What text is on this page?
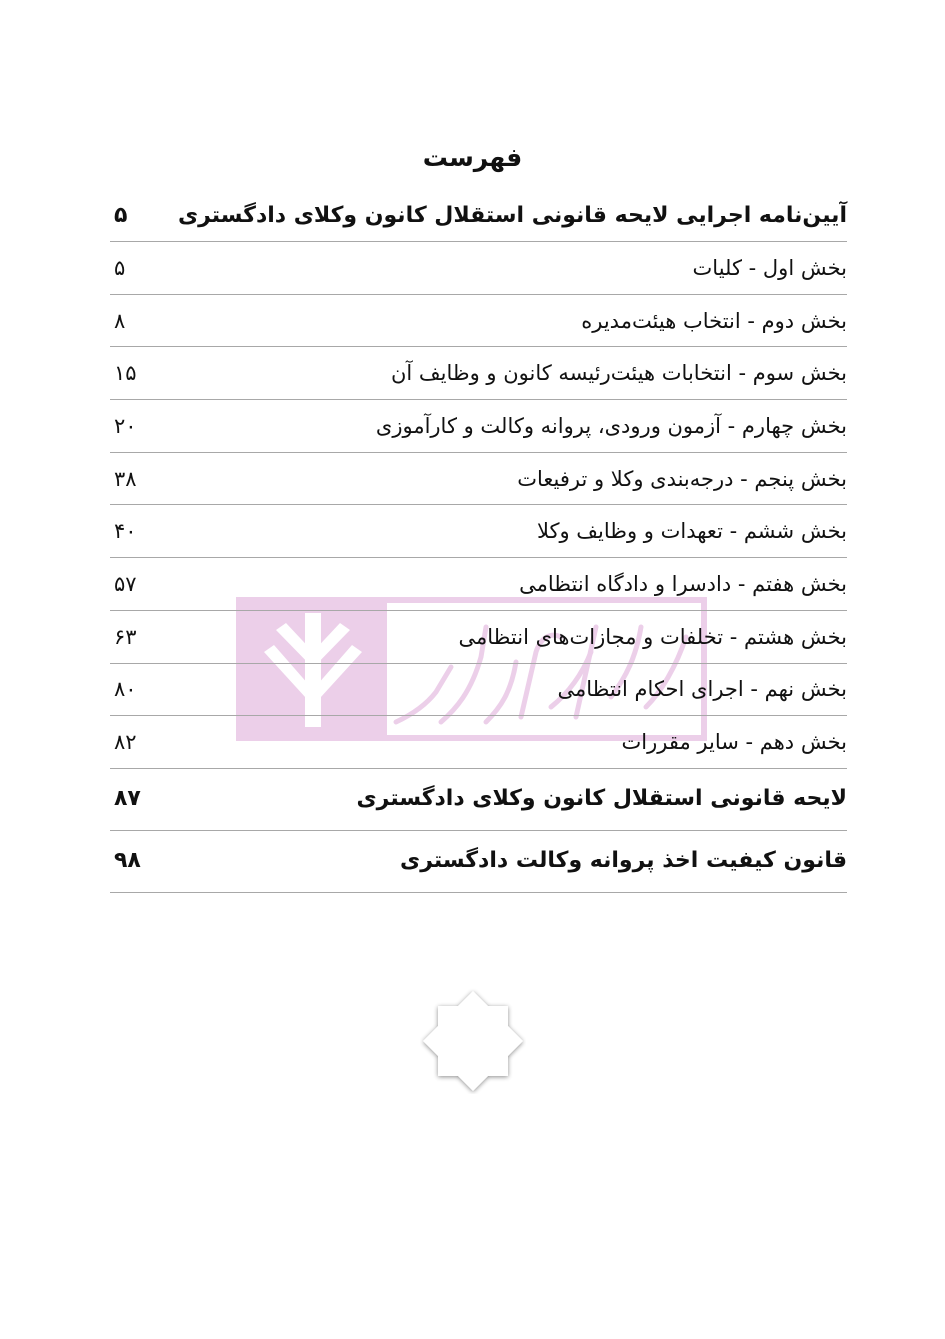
فهرست
آیین‌نامه اجرایی لایحه قانونی استقلال کانون وکلای دادگستری
۵
بخش اول - کلیات
۵
بخش دوم - انتخاب هیئت‌مدیره
۸
بخش سوم - انتخابات هیئت‌رئیسه کانون و وظایف آن
۱۵
بخش چهارم - آزمون ورودی، پروانه وکالت و کارآموزی
۲۰
بخش پنجم - درجه‌بندی وکلا و ترفیعات
۳۸
بخش ششم - تعهدات و وظایف وکلا
۴۰
بخش هفتم - دادسرا و دادگاه انتظامی
۵۷
بخش هشتم - تخلفات و مجازات‌های انتظامی
۶۳
بخش نهم - اجرای احکام انتظامی
۸۰
بخش دهم - سایر مقررات
۸۲
لایحه قانونی استقلال کانون وکلای دادگستری
۸۷
قانون کیفیت اخذ پروانه وکالت دادگستری
۹۸
